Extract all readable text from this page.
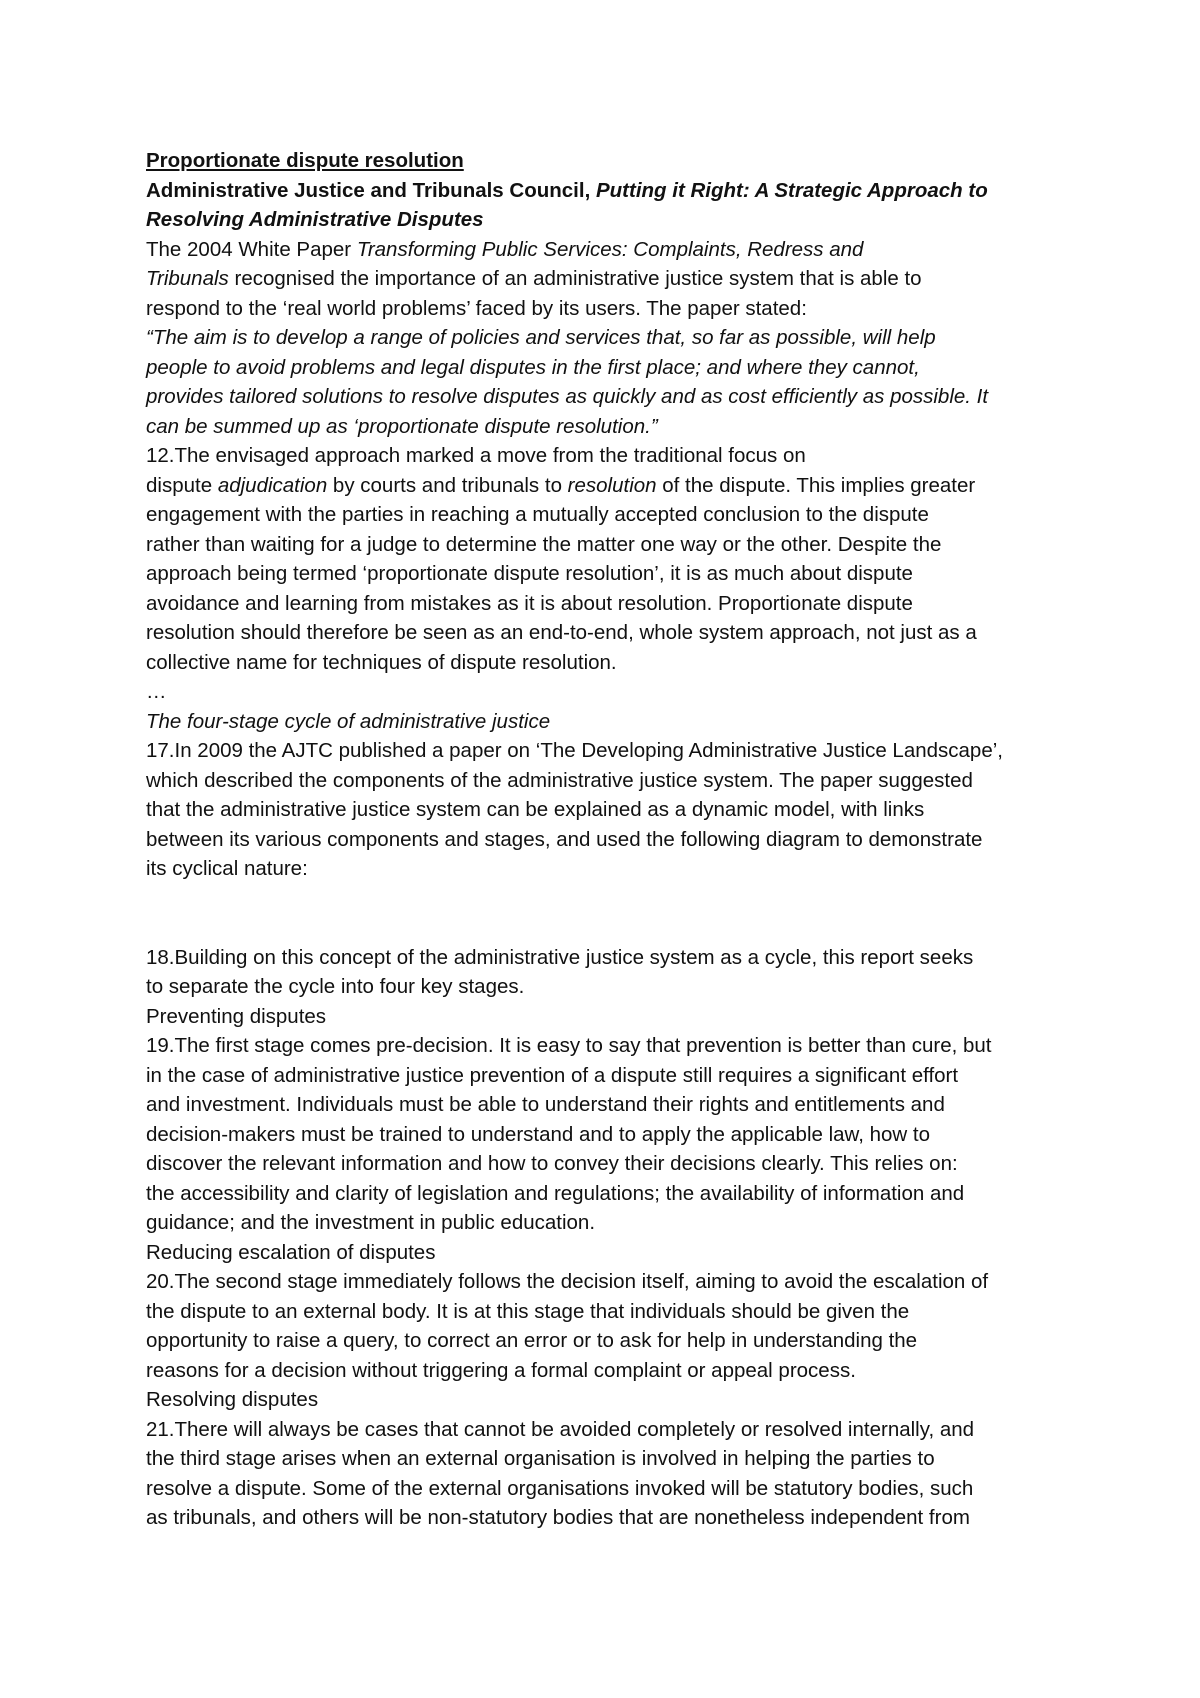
Proportionate dispute resolution
Administrative Justice and Tribunals Council, Putting it Right: A Strategic Approach to
Resolving Administrative Disputes
The 2004 White Paper Transforming Public Services: Complaints, Redress and
Tribunals recognised the importance of an administrative justice system that is able to
respond to the ‘real world problems’ faced by its users. The paper stated:
“The aim is to develop a range of policies and services that, so far as possible, will help
people to avoid problems and legal disputes in the first place; and where they cannot,
provides tailored solutions to resolve disputes as quickly and as cost efficiently as possible. It
can be summed up as ‘proportionate dispute resolution.”
12.The envisaged approach marked a move from the traditional focus on
dispute adjudication by courts and tribunals to resolution of the dispute. This implies greater
engagement with the parties in reaching a mutually accepted conclusion to the dispute
rather than waiting for a judge to determine the matter one way or the other. Despite the
approach being termed ‘proportionate dispute resolution’, it is as much about dispute
avoidance and learning from mistakes as it is about resolution. Proportionate dispute
resolution should therefore be seen as an end-to-end, whole system approach, not just as a
collective name for techniques of dispute resolution.
…
The four-stage cycle of administrative justice
17.In 2009 the AJTC published a paper on ‘The Developing Administrative Justice Landscape’,
which described the components of the administrative justice system. The paper suggested
that the administrative justice system can be explained as a dynamic model, with links
between its various components and stages, and used the following diagram to demonstrate
its cyclical nature:
18.Building on this concept of the administrative justice system as a cycle, this report seeks
to separate the cycle into four key stages.
Preventing disputes
19.The first stage comes pre-decision. It is easy to say that prevention is better than cure, but
in the case of administrative justice prevention of a dispute still requires a significant effort
and investment. Individuals must be able to understand their rights and entitlements and
decision-makers must be trained to understand and to apply the applicable law, how to
discover the relevant information and how to convey their decisions clearly. This relies on:
the accessibility and clarity of legislation and regulations; the availability of information and
guidance; and the investment in public education.
Reducing escalation of disputes
20.The second stage immediately follows the decision itself, aiming to avoid the escalation of
the dispute to an external body. It is at this stage that individuals should be given the
opportunity to raise a query, to correct an error or to ask for help in understanding the
reasons for a decision without triggering a formal complaint or appeal process.
Resolving disputes
21.There will always be cases that cannot be avoided completely or resolved internally, and
the third stage arises when an external organisation is involved in helping the parties to
resolve a dispute. Some of the external organisations invoked will be statutory bodies, such
as tribunals, and others will be non-statutory bodies that are nonetheless independent from
